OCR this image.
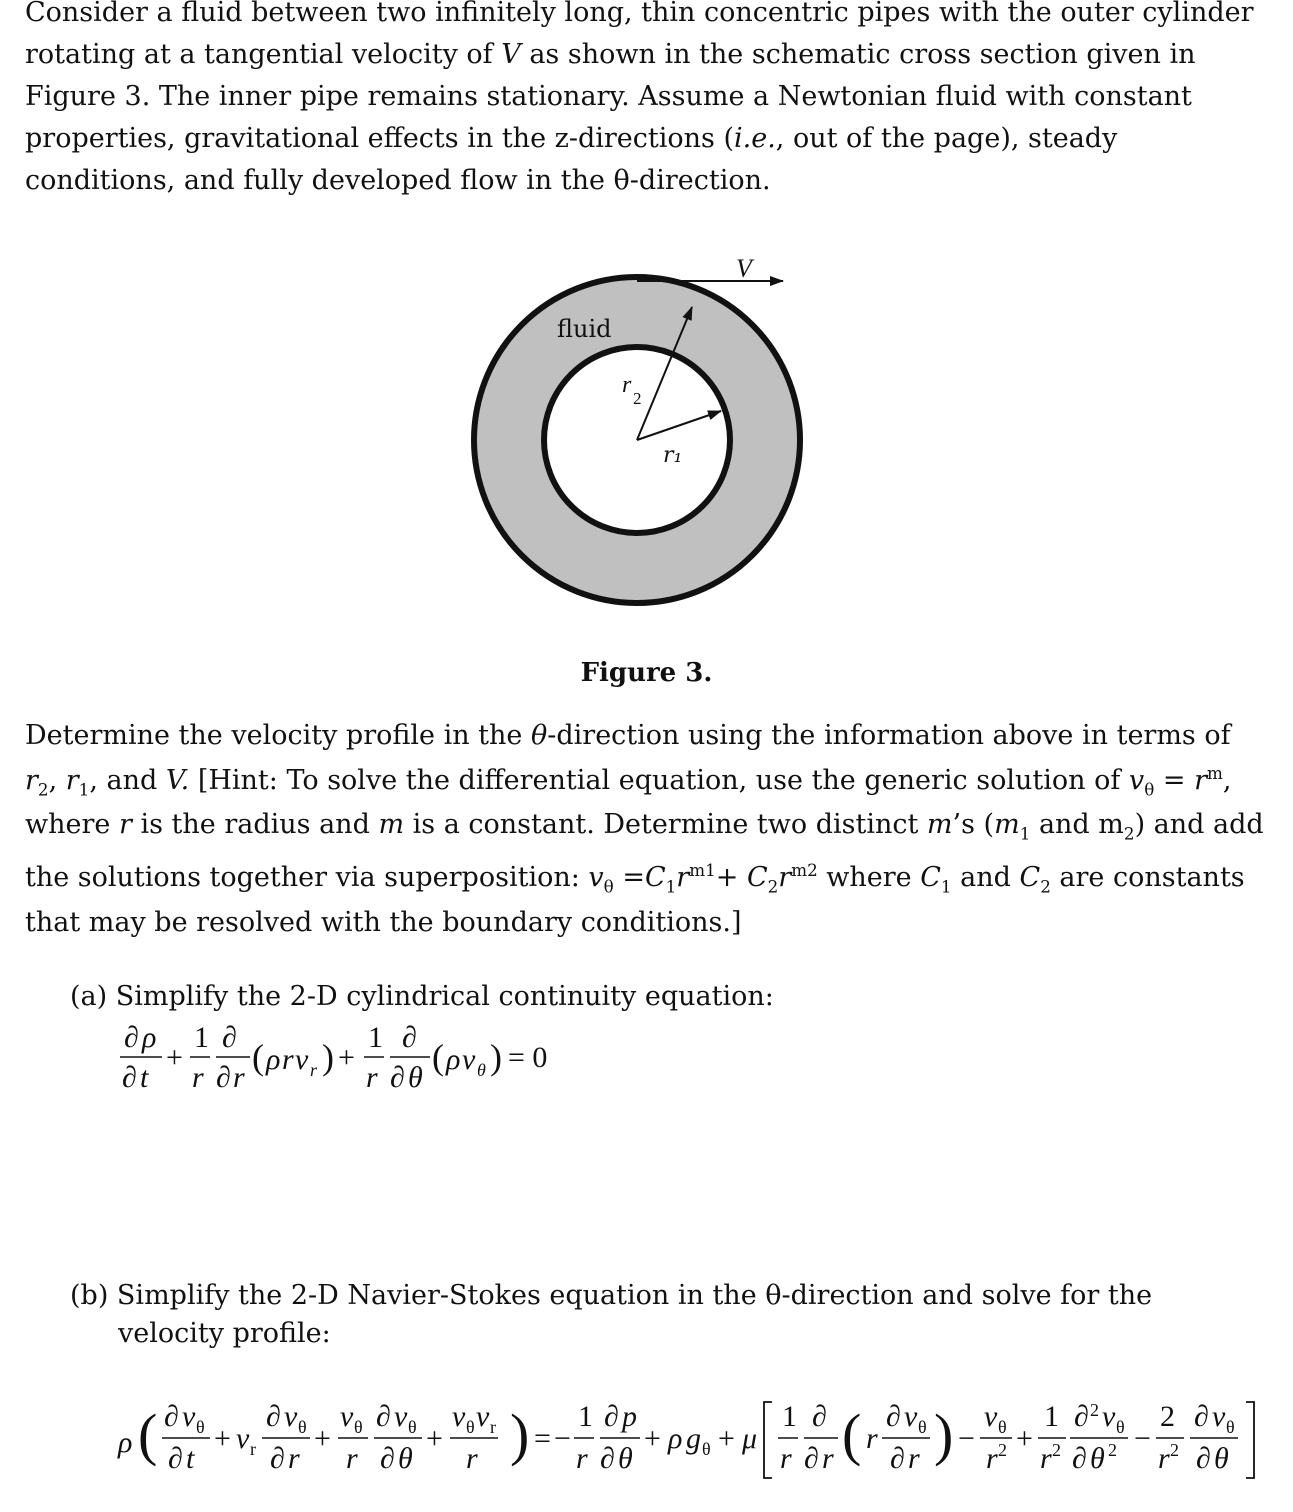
Consider a fluid between two infinitely long, thin concentric pipes with the outer cylinder rotating at a tangential velocity of V as shown in the schematic cross section given in Figure 3. The inner pipe remains stationary. Assume a Newtonian fluid with constant properties, gravitational effects in the z-directions (i.e., out of the page), steady conditions, and fully developed flow in the θ-direction.

V
fluid
r
2
r₁
Figure 3.

Determine the velocity profile in the θ-direction using the information above in terms of $r_2$, $r_1$, and V. [Hint: To solve the differential equation, use the generic solution of $v_\theta = r^m$, where r is the radius and m is a constant. Determine two distinct m’s ($m_1$ and $m_2$) and add the solutions together via superposition: $v_\theta =C_1r^{m1}+ C_2r^{m2}$ where $C_1$ and $C_2$ are constants that may be resolved with the boundary conditions.]

(a) Simplify the 2-D cylindrical continuity equation:

∂ ρ
∂ t
+
1
r
∂
∂ r
( ρ r v r ) +
1
r
∂
∂ θ
( ρ v θ ) = 0

(b) Simplify the 2-D Navier-Stokes equation in the θ-direction and solve for the velocity profile:

ρ ( ∂ v θ
∂ t
+ v r
∂ v θ
∂ r
+
v θ
r
∂ v θ
∂ θ
+
v θ v r
r ) = −
1
r
∂ p
∂ θ
+ ρ g θ + μ
1
r
∂
∂ r ( r
∂ v θ
∂ r ) −
v θ
r 2 +
1
r 2
∂ 2 v θ
∂ θ 2 −
2
r 2
∂ v θ
∂ θ
